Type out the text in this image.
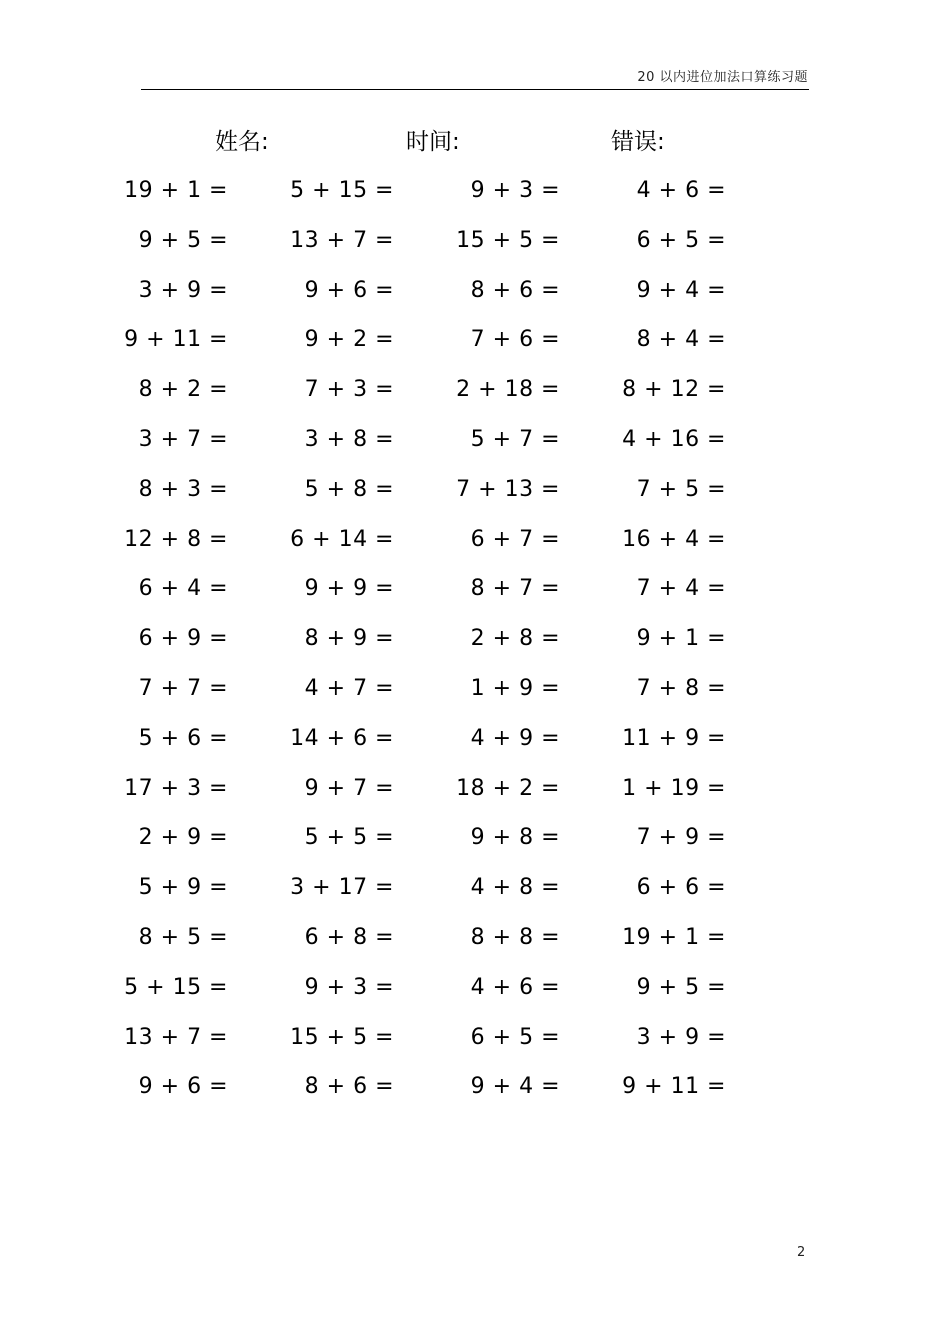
20 以内进位加法口算练习题
姓名:	时间:	错误:
19 + 1 =	5 + 15 =	9 + 3 =	4 + 6 =
9 + 5 =	13 + 7 =	15 + 5 =	6 + 5 =
3 + 9 =	9 + 6 =	8 + 6 =	9 + 4 =
9 + 11 =	9 + 2 =	7 + 6 =	8 + 4 =
8 + 2 =	7 + 3 =	2 + 18 =	8 + 12 =
3 + 7 =	3 + 8 =	5 + 7 =	4 + 16 =
8 + 3 =	5 + 8 =	7 + 13 =	7 + 5 =
12 + 8 =	6 + 14 =	6 + 7 =	16 + 4 =
6 + 4 =	9 + 9 =	8 + 7 =	7 + 4 =
6 + 9 =	8 + 9 =	2 + 8 =	9 + 1 =
7 + 7 =	4 + 7 =	1 + 9 =	7 + 8 =
5 + 6 =	14 + 6 =	4 + 9 =	11 + 9 =
17 + 3 =	9 + 7 =	18 + 2 =	1 + 19 =
2 + 9 =	5 + 5 =	9 + 8 =	7 + 9 =
5 + 9 =	3 + 17 =	4 + 8 =	6 + 6 =
8 + 5 =	6 + 8 =	8 + 8 =	19 + 1 =
5 + 15 =	9 + 3 =	4 + 6 =	9 + 5 =
13 + 7 =	15 + 5 =	6 + 5 =	3 + 9 =
9 + 6 =	8 + 6 =	9 + 4 =	9 + 11 =
2
